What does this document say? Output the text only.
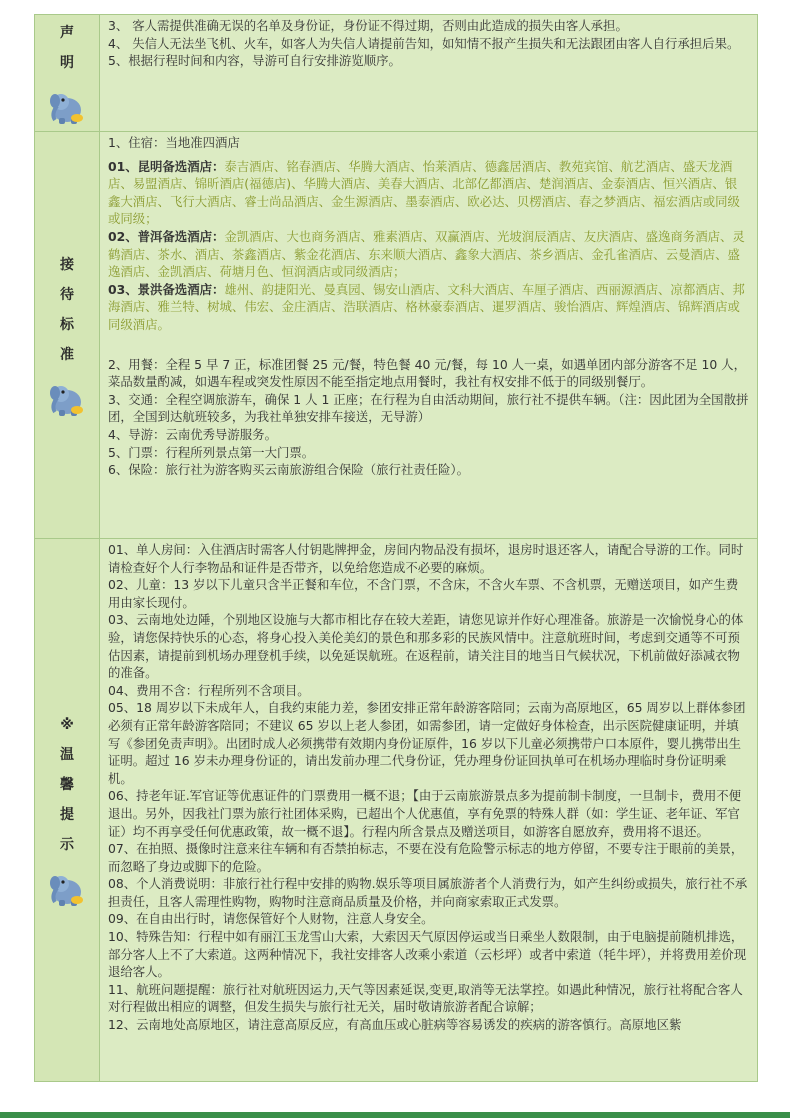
声
明

3、 客人需提供准确无误的名单及身份证，身份证不得过期，否则由此造成的损失由客人承担。

4、 失信人无法坐飞机、火车，如客人为失信人请提前告知，如知情不报产生损失和无法跟团由客人自行承担后果。

5、根据行程时间和内容，导游可自行安排游览顺序。

接
待
标
准

1、住宿：当地准四酒店

01、昆明备选酒店：泰吉酒店、铭春酒店、华腾大酒店、怡莱酒店、德鑫居酒店、教苑宾馆、航艺酒店、盛天龙酒店、易盟酒店、锦昕酒店(福德店)、华腾大酒店、美春大酒店、北部亿都酒店、楚润酒店、金泰酒店、恒兴酒店、银鑫大酒店、飞行大酒店、睿士尚品酒店、金生源酒店、墨泰酒店、欧必达、贝楞酒店、春之梦酒店、福宏酒店或同级或同级；

02、普洱备选酒店：金凯酒店、大也商务酒店、雅素酒店、双赢酒店、光坡润辰酒店、友庆酒店、盛逸商务酒店、灵鹤酒店、茶水、酒店、茶鑫酒店、紫金花酒店、东来顺大酒店、鑫象大酒店、茶乡酒店、金孔雀酒店、云曼酒店、盛逸酒店、金凯酒店、荷塘月色、恒润酒店或同级酒店；

03、景洪备选酒店：雄州、韵捷阳光、曼真园、锡安山酒店、文科大酒店、车厘子酒店、西丽源酒店、凉都酒店、邦海酒店、雅兰特、树城、伟宏、金庄酒店、浩联酒店、格林豪泰酒店、暹罗酒店、骏怡酒店、辉煌酒店、锦辉酒店或同级酒店。

2、用餐：全程 5 早 7 正，标准团餐 25 元/餐，特色餐 40 元/餐，每 10 人一桌，如遇单团内部分游客不足 10 人，菜品数量酌减，如遇车程或突发性原因不能至指定地点用餐时，我社有权安排不低于的同级别餐厅。

3、交通：全程空调旅游车，确保 1 人 1 正座；在行程为自由活动期间，旅行社不提供车辆。（注：因此团为全国散拼团，全国到达航班较多，为我社单独安排车接送，无导游）

4、导游：云南优秀导游服务。

5、门票：行程所列景点第一大门票。

6、保险：旅行社为游客购买云南旅游组合保险（旅行社责任险）。

※
温
馨
提
示

01、单人房间：入住酒店时需客人付钥匙牌押金，房间内物品没有损坏，退房时退还客人，请配合导游的工作。同时请检查好个人行李物品和证件是否带齐，以免给您造成不必要的麻烦。

02、儿童：13 岁以下儿童只含半正餐和车位，不含门票，不含床，不含火车票、不含机票，无赠送项目，如产生费用由家长现付。

03、云南地处边陲，个别地区设施与大都市相比存在较大差距，请您见谅并作好心理准备。旅游是一次愉悦身心的体验，请您保持快乐的心态，将身心投入美伦美幻的景色和那多彩的民族风情中。注意航班时间，考虑到交通等不可预估因素，请提前到机场办理登机手续，以免延误航班。在返程前，请关注目的地当日气候状况，下机前做好添减衣物的准备。

04、费用不含：行程所列不含项目。

05、18 周岁以下未成年人，自我约束能力差，参团安排正常年龄游客陪同；云南为高原地区，65 周岁以上群体参团必须有正常年龄游客陪同；不建议 65 岁以上老人参团，如需参团，请一定做好身体检查，出示医院健康证明，并填写《参团免责声明》。出团时成人必须携带有效期内身份证原件，16 岁以下儿童必须携带户口本原件，婴儿携带出生证明。超过 16 岁未办理身份证的，请出发前办理二代身份证，凭办理身份证回执单可在机场办理临时身份证明乘机。

06、持老年证.军官证等优惠证件的门票费用一概不退；【由于云南旅游景点多为提前制卡制度，一旦制卡，费用不便退出。另外，因我社门票为旅行社团体采购，已超出个人优惠值，享有免票的特殊人群（如：学生证、老年证、军官证）均不再享受任何优惠政策，故一概不退】。行程内所含景点及赠送项目，如游客自愿放弃，费用将不退还。

07、在拍照、摄像时注意来往车辆和有否禁拍标志，不要在没有危险警示标志的地方停留，不要专注于眼前的美景，而忽略了身边或脚下的危险。

08、个人消费说明：非旅行社行程中安排的购物.娱乐等项目属旅游者个人消费行为，如产生纠纷或损失，旅行社不承担责任，且客人需理性购物，购物时注意商品质量及价格，并向商家索取正式发票。

09、在自由出行时，请您保管好个人财物，注意人身安全。

10、特殊告知：行程中如有丽江玉龙雪山大索，大索因天气原因停运或当日乘坐人数限制，由于电脑提前随机排选，部分客人上不了大索道。这两种情况下，我社安排客人改乘小索道（云杉坪）或者中索道（牦牛坪），并将费用差价现退给客人。

11、航班问题提醒：旅行社对航班因运力,天气等因素延误,变更,取消等无法掌控。如遇此种情况，旅行社将配合客人对行程做出相应的调整，但发生损失与旅行社无关，届时敬请旅游者配合谅解；

12、云南地处高原地区，请注意高原反应，有高血压或心脏病等容易诱发的疾病的游客慎行。高原地区紫
